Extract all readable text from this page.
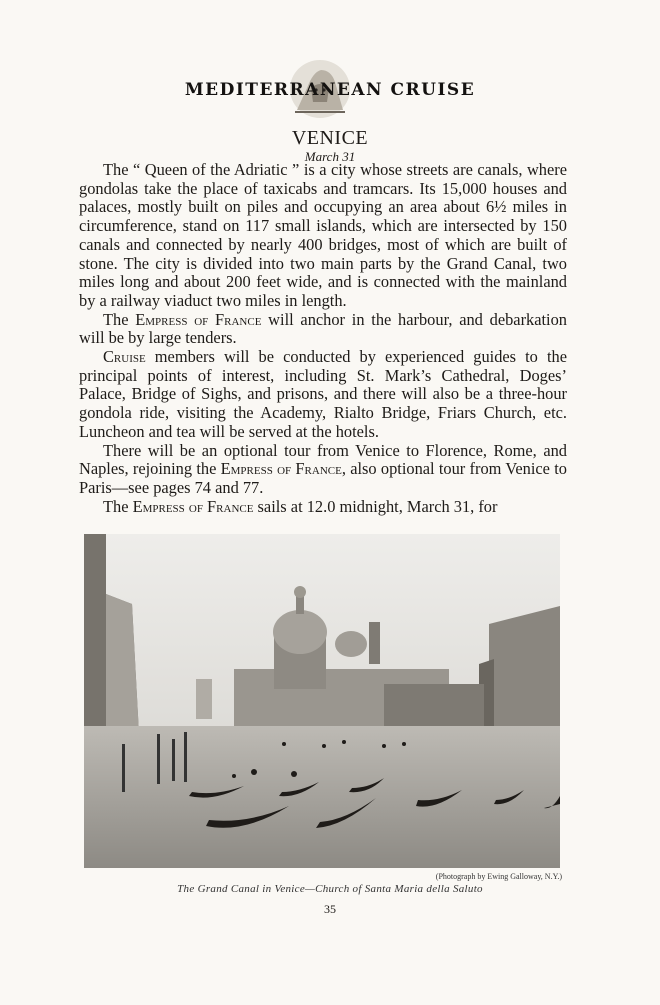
MEDITERRANEAN CRUISE
VENICE
March 31

The “ Queen of the Adriatic ” is a city whose streets are canals, where gondolas take the place of taxicabs and tramcars. Its 15,000 houses and palaces, mostly built on piles and occupying an area about 6½ miles in circumference, stand on 117 small islands, which are intersected by 150 canals and connected by nearly 400 bridges, most of which are built of stone. The city is divided into two main parts by the Grand Canal, two miles long and about 200 feet wide, and is connected with the mainland by a railway viaduct two miles in length.

The Empress of France will anchor in the harbour, and debarkation will be by large tenders.

Cruise members will be conducted by experienced guides to the principal points of interest, including St. Mark’s Cathedral, Doges’ Palace, Bridge of Sighs, and prisons, and there will also be a three-hour gondola ride, visiting the Academy, Rialto Bridge, Friars Church, etc. Luncheon and tea will be served at the hotels.

There will be an optional tour from Venice to Florence, Rome, and Naples, rejoining the Empress of France, also optional tour from Venice to Paris—see pages 74 and 77.

The Empress of France sails at 12.0 midnight, March 31, for

(Photograph by Ewing Galloway, N.Y.)
The Grand Canal in Venice—Church of Santa Maria della Saluto
35
